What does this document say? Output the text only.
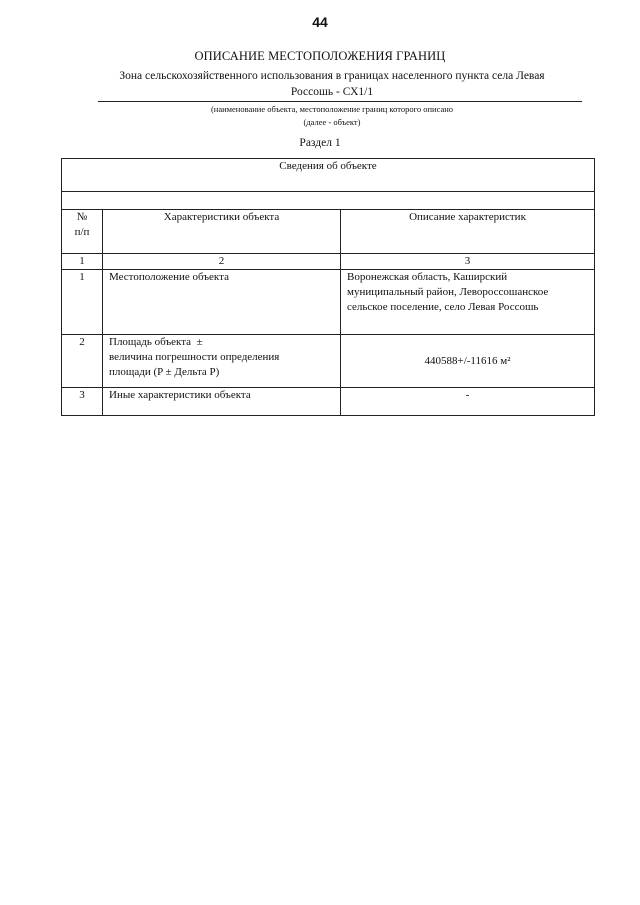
44
ОПИСАНИЕ МЕСТОПОЛОЖЕНИЯ ГРАНИЦ
Зона сельскохозяйственного использования в границах населенного пункта села Левая
Россошь - СХ1/1
(наименование объекта, местоположение границ которого описано
(далее - объект)
Раздел 1
Сведения об объекте		

№
п/п	Характеристики объекта	Описание характеристик
1	2	3
1	Местоположение объекта	Воронежская область, Каширский
муниципальный район, Левороссошанское
сельское поселение, село Левая Россошь

2	Площадь объекта  ±
величина погрешности определения
площади (P ± Дельта P)	440588+/-11616 м²

3	Иные характеристики объекта	-
